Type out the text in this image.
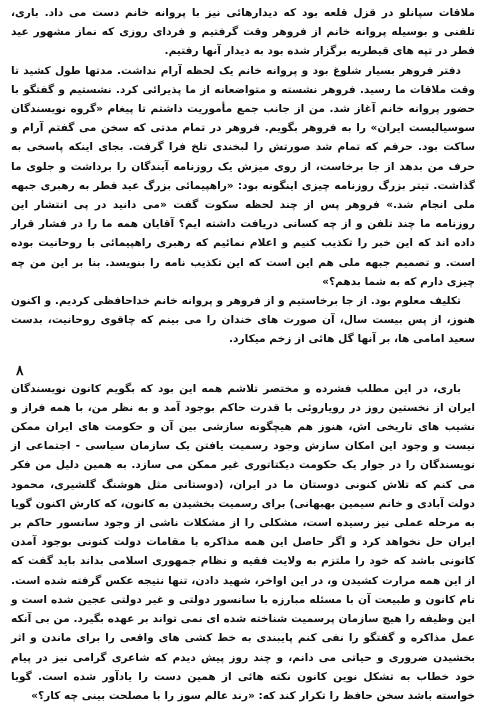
ملاقات سپانلو در قزل قلعه بود که دیدارهائی نیز با پروانه خانم دست می داد. باری، تلفنی و بوسیله پروانه خانم از فروهر وقت گرفتیم و فردای روزی که نماز مشهور عید فطر در تپه های قیطریه برگزار شده بود به دیدار آنها رفتیم.

دفتر فروهر بسیار شلوغ بود و پروانه خانم یک لحظه آرام نداشت. مدتها طول کشید تا وقت ملاقات ما رسید. فروهر نشسته و متواضعانه از ما پذیرائی کرد. نشستیم و گفتگو با حضور پروانه خانم آغاز شد. من از جانب جمع مأموریت داشتم تا پیغام «گروه نویسندگان سوسیالیست ایران» را به فروهر بگویم. فروهر در تمام مدتی که سخن می گفتم آرام و ساکت بود. حرفم که تمام شد صورتش را لبخندی تلخ فرا گرفت. بجای اینکه پاسخی به حرف من بدهد از جا برخاست، از روی میزش یک روزنامه آیندگان را برداشت و جلوی ما گذاشت. تیتر بزرگ روزنامه چیزی اینگونه بود: «راهپیمائی بزرگ عید فطر به رهبری جبهه ملی انجام شد.» فروهر پس از چند لحظه سکوت گفت «می دانید در پی انتشار این روزنامه ما چند تلفن و از چه کسانی دریافت داشته ایم؟ آقایان همه ما را در فشار قرار داده اند که این خبر را تکذیب کنیم و اعلام نمائیم که رهبری راهپیمائی با روحانیت بوده است. و تصمیم جبهه ملی هم این است که این تکذیب نامه را بنویسد. بنا بر این من چه چیزی دارم که به شما بدهم؟»

تکلیف معلوم بود. از جا برخاستیم و از فروهر و پروانه خانم خداحافظی کردیم. و اکنون هنوز، از پس بیست سال، آن صورت های خندان را می بینم که چاقوی روحانیت، بدست سعید امامی ها، بر آنها گل هائی از زخم میکارد.

۸

باری، در این مطلب فشرده و مختصر تلاشم همه این بود که بگویم کانون نویسندگان ایران از نخستین روز در رویاروئی با قدرت حاکم بوجود آمد و به نظر من، با همه فراز و نشیب های تاریخی اش، هنوز هم هیچگونه سازشی بین آن و حکومت های ایران ممکن نیست و وجود این امکان سازش وجود رسمیت یافتن یک سازمان سیاسی - اجتماعی از نویسندگان را در جوار یک حکومت دیکتاتوری غیر ممکن می سازد. به همین دلیل من فکر می کنم که تلاش کنونی دوستان ما در ایران، (دوستانی مثل هوشنگ گلشیری، محمود دولت آبادی و خانم سیمین بهبهانی) برای رسمیت بخشیدن به کانون، که کارش اکنون گویا به مرحله عملی نیز رسیده است، مشکلی را از مشکلات ناشی از وجود سانسور حاکم بر ایران حل نخواهد کرد و اگر حاصل این همه مذاکره با مقامات دولت کنونی بوجود آمدن کانونی باشد که خود را ملتزم به ولایت فقیه و نظام جمهوری اسلامی بداند باید گفت که از این همه مرارت کشیدن و، در این اواخر، شهید دادن، تنها نتیجه عکس گرفته شده است. نام کانون و طبیعت آن با مسئله مبارزه با سانسور دولتی و غیر دولتی عجین شده است و این وظیفه را هیچ سازمان پرسمیت شناخته شده ای نمی تواند بر عهده بگیرد. من بی آنکه عمل مذاکره و گفتگو را نفی کنم پایبندی به خط کشی های واقعی را برای ماندن و اثر بخشیدن ضروری و حیاتی می دانم، و چند روز پیش دیدم که شاعری گرامی نیز در پیام خود خطاب به تشکل نوین کانون نکته هائی از همین دست را یادآور شده است. گویا خواسته باشد سخن حافظ را تکرار کند که: «رند عالم سوز را با مصلحت بینی چه کار؟»
